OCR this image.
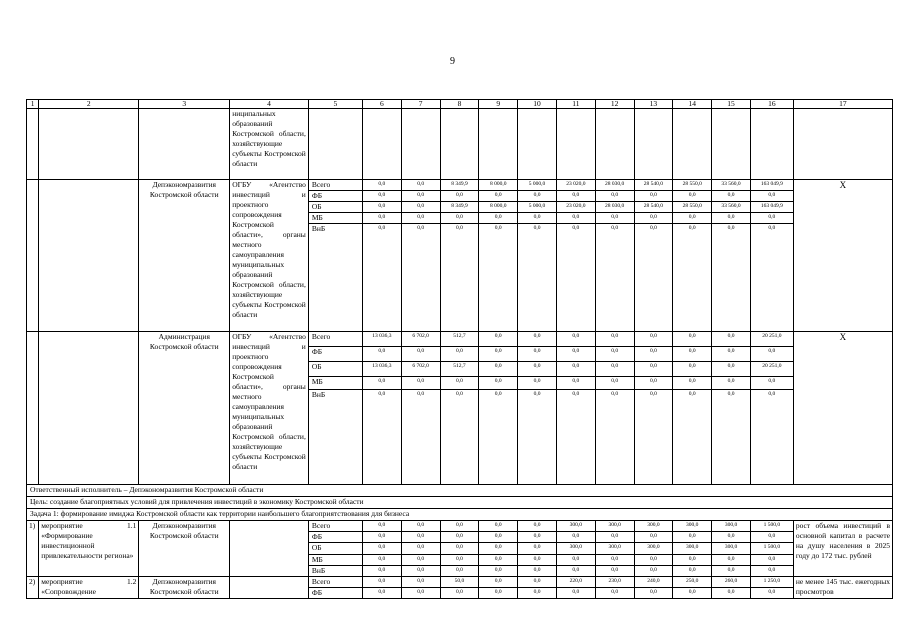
9
1	2	3	4	5	6	7	8	9	10	11	12	13	14	15	16	17
			ниципальных образований Костромской области, хозяйствующие субъекты Костромской области													
		Депэкономразвития Костромской области	ОГБУ «Агентство инвестиций и проектного сопровождения Костромской области», органы местного самоуправления муниципальных образований Костромской области, хозяйствующие субъекты Костромской области	Всего	0,0	0,0	8 349,9	8 000,0	5 000,0	23 020,0	28 030,0	28 540,0	28 550,0	33 560,0	163 049,9	X
				ФБ	0,0	0,0	0,0	0,0	0,0	0,0	0,0	0,0	0,0	0,0	0,0	
				ОБ	0,0	0,0	8 349,9	8 000,0	5 000,0	23 020,0	28 030,0	28 540,0	28 550,0	33 560,0	163 049,9	
				МБ	0,0	0,0	0,0	0,0	0,0	0,0	0,0	0,0	0,0	0,0	0,0	
				ВнБ	0,0	0,0	0,0	0,0	0,0	0,0	0,0	0,0	0,0	0,0	0,0	
		Администрация Костромской области	ОГБУ «Агентство инвестиций и проектного сопровождения Костромской области», органы местного самоуправления муниципальных образований Костромской области, хозяйствующие субъекты Костромской области	Всего	13 036,3	6 702,0	512,7	0,0	0,0	0,0	0,0	0,0	0,0	0,0	20 251,0	X
				ФБ	0,0	0,0	0,0	0,0	0,0	0,0	0,0	0,0	0,0	0,0	0,0	
				ОБ	13 036,3	6 702,0	512,7	0,0	0,0	0,0	0,0	0,0	0,0	0,0	20 251,0	
				МБ	0,0	0,0	0,0	0,0	0,0	0,0	0,0	0,0	0,0	0,0	0,0	
				ВнБ	0,0	0,0	0,0	0,0	0,0	0,0	0,0	0,0	0,0	0,0	0,0	
Ответственный исполнитель – Депэкономразвития Костромской области																
Цель: создание благоприятных условий для привлечения инвестиций в экономику Костромской области																
Задача 1: формирование имиджа Костромской области как территории наибольшего благоприятствования для бизнеса																
1)	мероприятие 1.1 «Формирование инвестиционной привлекательности региона»	Депэкономразвития Костромской области		Всего	0,0	0,0	0,0	0,0	0,0	300,0	300,0	300,0	300,0	300,0	1 500,0	рост объема инвестиций в основной капитал в расчете на душу населения в 2025 году до 172 тыс. рублей
				ФБ	0,0	0,0	0,0	0,0	0,0	0,0	0,0	0,0	0,0	0,0	0,0	
				ОБ	0,0	0,0	0,0	0,0	0,0	300,0	300,0	300,0	300,0	300,0	1 500,0	
				МБ	0,0	0,0	0,0	0,0	0,0	0,0	0,0	0,0	0,0	0,0	0,0	
				ВнБ	0,0	0,0	0,0	0,0	0,0	0,0	0,0	0,0	0,0	0,0	0,0	
2)	мероприятие 1.2 «Сопровождение	Депэкономразвития Костромской области		Всего	0,0	0,0	50,0	0,0	0,0	220,0	230,0	240,0	250,0	260,0	1 250,0	не менее 145 тыс. ежегодных просмотров
				ФБ	0,0	0,0	0,0	0,0	0,0	0,0	0,0	0,0	0,0	0,0	0,0	
